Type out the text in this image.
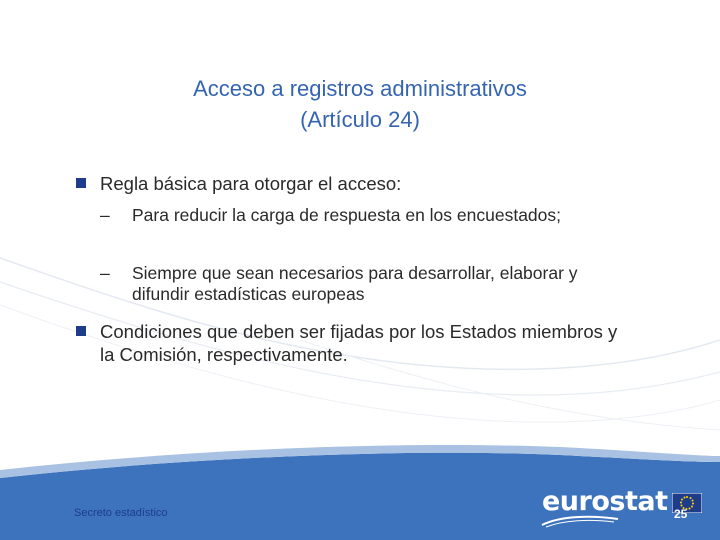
Acceso a registros administrativos
(Artículo 24)
Regla básica para otorgar el acceso:
– Para reducir la carga de respuesta en los encuestados;
– Siempre que sean necesarios para desarrollar, elaborar y difundir estadísticas europeas
Condiciones que deben ser fijadas por los Estados miembros y la Comisión, respectivamente.
Secreto estadístico	eurostat 25
